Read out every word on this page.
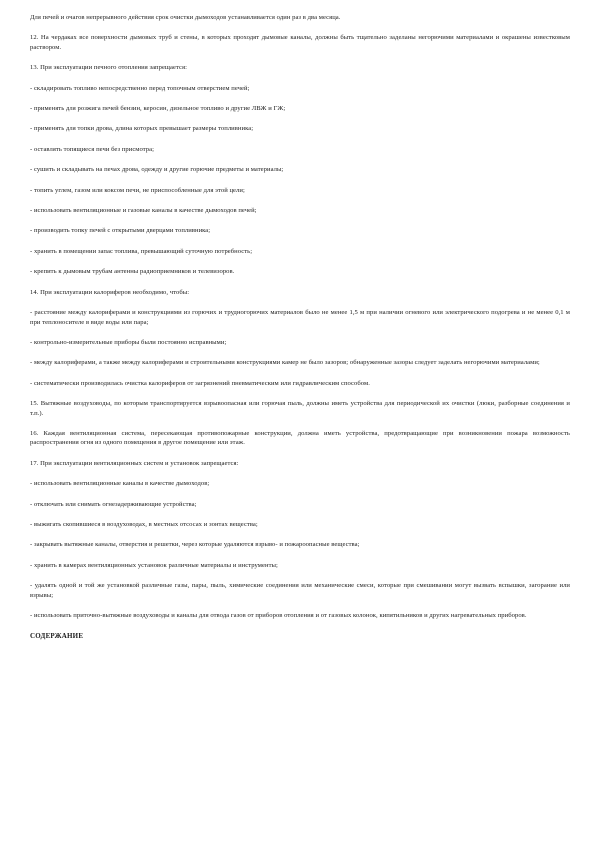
Для печей и очагов непрерывного действия срок очистки дымоходов устанавливается один раз в два месяца.

12. На чердаках все поверхности дымовых труб и стены, в которых проходят дымовые каналы, должны быть тщательно заделаны негорючими материалами и окрашены известковым раствором.

13. При эксплуатации печного отопления запрещается:

- складировать топливо непосредственно перед топочным отверстием печей;

- применять для розжига печей бензин, керосин, дизельное топливо и другие ЛВЖ и ГЖ;

- применять для топки дрова, длина которых превышает размеры топливника;

- оставлять топящиеся печи без присмотра;

- сушить и складывать на печах дрова, одежду и другие горючие предметы и материалы;

- топить углем, газом или коксом печи, не приспособленные для этой цели;

- использовать вентиляционные и газовые каналы в качестве дымоходов печей;

- производить топку печей с открытыми дверцами топливника;

- хранить в помещении запас топлива, превышающий суточную потребность;

- крепить к дымовым трубам антенны радиоприемников и телевизоров.

14. При эксплуатации калориферов необходимо, чтобы:

- расстояние между калориферами и конструкциями из горючих и трудногорючих материалов было не менее 1,5 м при наличии огневого или электрического подогрева и не менее 0,1 м при теплоносителе в виде воды или пара;

- контрольно-измерительные приборы были постоянно исправными;

- между калориферами, а также между калориферами и строительными конструкциями камер не было зазоров; обнаруженные зазоры следует заделать негорючими материалами;

- систематически производилась очистка калориферов от загрязнений пневматическим или гидравлическим способом.

15. Вытяжные воздуховоды, по которым транспортируется взрывоопасная или горючая пыль, должны иметь устройства для периодической их очистки (люки, разборные соединения и т.п.).

16. Каждая вентиляционная система, пересекающая противопожарные конструкции, должна иметь устройства, предотвращающие при возникновении пожара возможность распространения огня из одного помещения в другое помещение или этаж.

17. При эксплуатации вентиляционных систем и установок запрещается:

- использовать вентиляционные каналы в качестве дымоходов;

- отключать или снимать огнезадерживающие устройства;

- выжигать скопившиеся в воздуховодах, в местных отсосах и зонтах вещества;

- закрывать вытяжные каналы, отверстия и решетки, через которые удаляются взрыво- и пожароопасные вещества;

- хранить в камерах вентиляционных установок различные материалы и инструменты;

- удалять одной и той же установкой различные газы, пары, пыль, химические соединения или механические смеси, которые при смешивании могут вызвать вспышки, загорание или взрывы;

- использовать приточно-вытяжные воздуховоды и каналы для отвода газов от приборов отопления и от газовых колонок, кипятильников и других нагревательных приборов.

СОДЕРЖАНИЕ
